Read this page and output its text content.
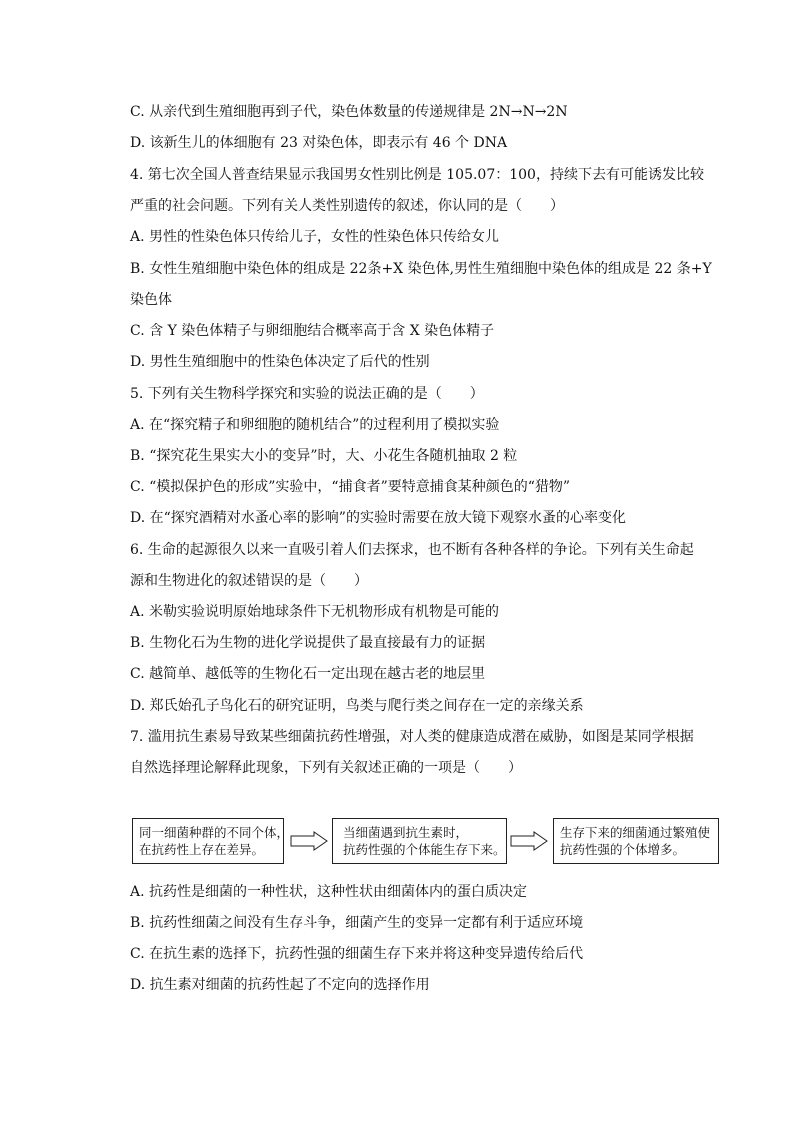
C. 从亲代到生殖细胞再到子代，染色体数量的传递规律是 2N→N→2N
D. 该新生儿的体细胞有 23 对染色体，即表示有 46 个 DNA
4. 第七次全国人普查结果显示我国男女性别比例是 105.07：100，持续下去有可能诱发比较
严重的社会问题。下列有关人类性别遗传的叙述，你认同的是（　　）
A. 男性的性染色体只传给儿子，女性的性染色体只传给女儿
B. 女性生殖细胞中染色体的组成是 22条+X 染色体,男性生殖细胞中染色体的组成是 22 条+Y
染色体
C. 含 Y 染色体精子与卵细胞结合概率高于含 X 染色体精子
D. 男性生殖细胞中的性染色体决定了后代的性别
5. 下列有关生物科学探究和实验的说法正确的是（　　）
A. 在“探究精子和卵细胞的随机结合”的过程利用了模拟实验
B. “探究花生果实大小的变异”时，大、小花生各随机抽取 2 粒
C. “模拟保护色的形成”实验中，“捕食者”要特意捕食某种颜色的“猎物”
D. 在“探究酒精对水蚤心率的影响”的实验时需要在放大镜下观察水蚤的心率变化
6. 生命的起源很久以来一直吸引着人们去探求，也不断有各种各样的争论。下列有关生命起
源和生物进化的叙述错误的是（　　）
A. 米勒实验说明原始地球条件下无机物形成有机物是可能的
B. 生物化石为生物的进化学说提供了最直接最有力的证据
C. 越简单、越低等的生物化石一定出现在越古老的地层里
D. 郑氏始孔子鸟化石的研究证明，鸟类与爬行类之间存在一定的亲缘关系
7. 滥用抗生素易导致某些细菌抗药性增强，对人类的健康造成潜在威胁，如图是某同学根据
自然选择理论解释此现象，下列有关叙述正确的一项是（　　）
同一细菌种群的不同个体，
在抗药性上存在差异。
当细菌遇到抗生素时，
抗药性强的个体能生存下来。
生存下来的细菌通过繁殖使
抗药性强的个体增多。
A. 抗药性是细菌的一种性状，这种性状由细菌体内的蛋白质决定
B. 抗药性细菌之间没有生存斗争，细菌产生的变异一定都有利于适应环境
C. 在抗生素的选择下，抗药性强的细菌生存下来并将这种变异遗传给后代
D. 抗生素对细菌的抗药性起了不定向的选择作用
